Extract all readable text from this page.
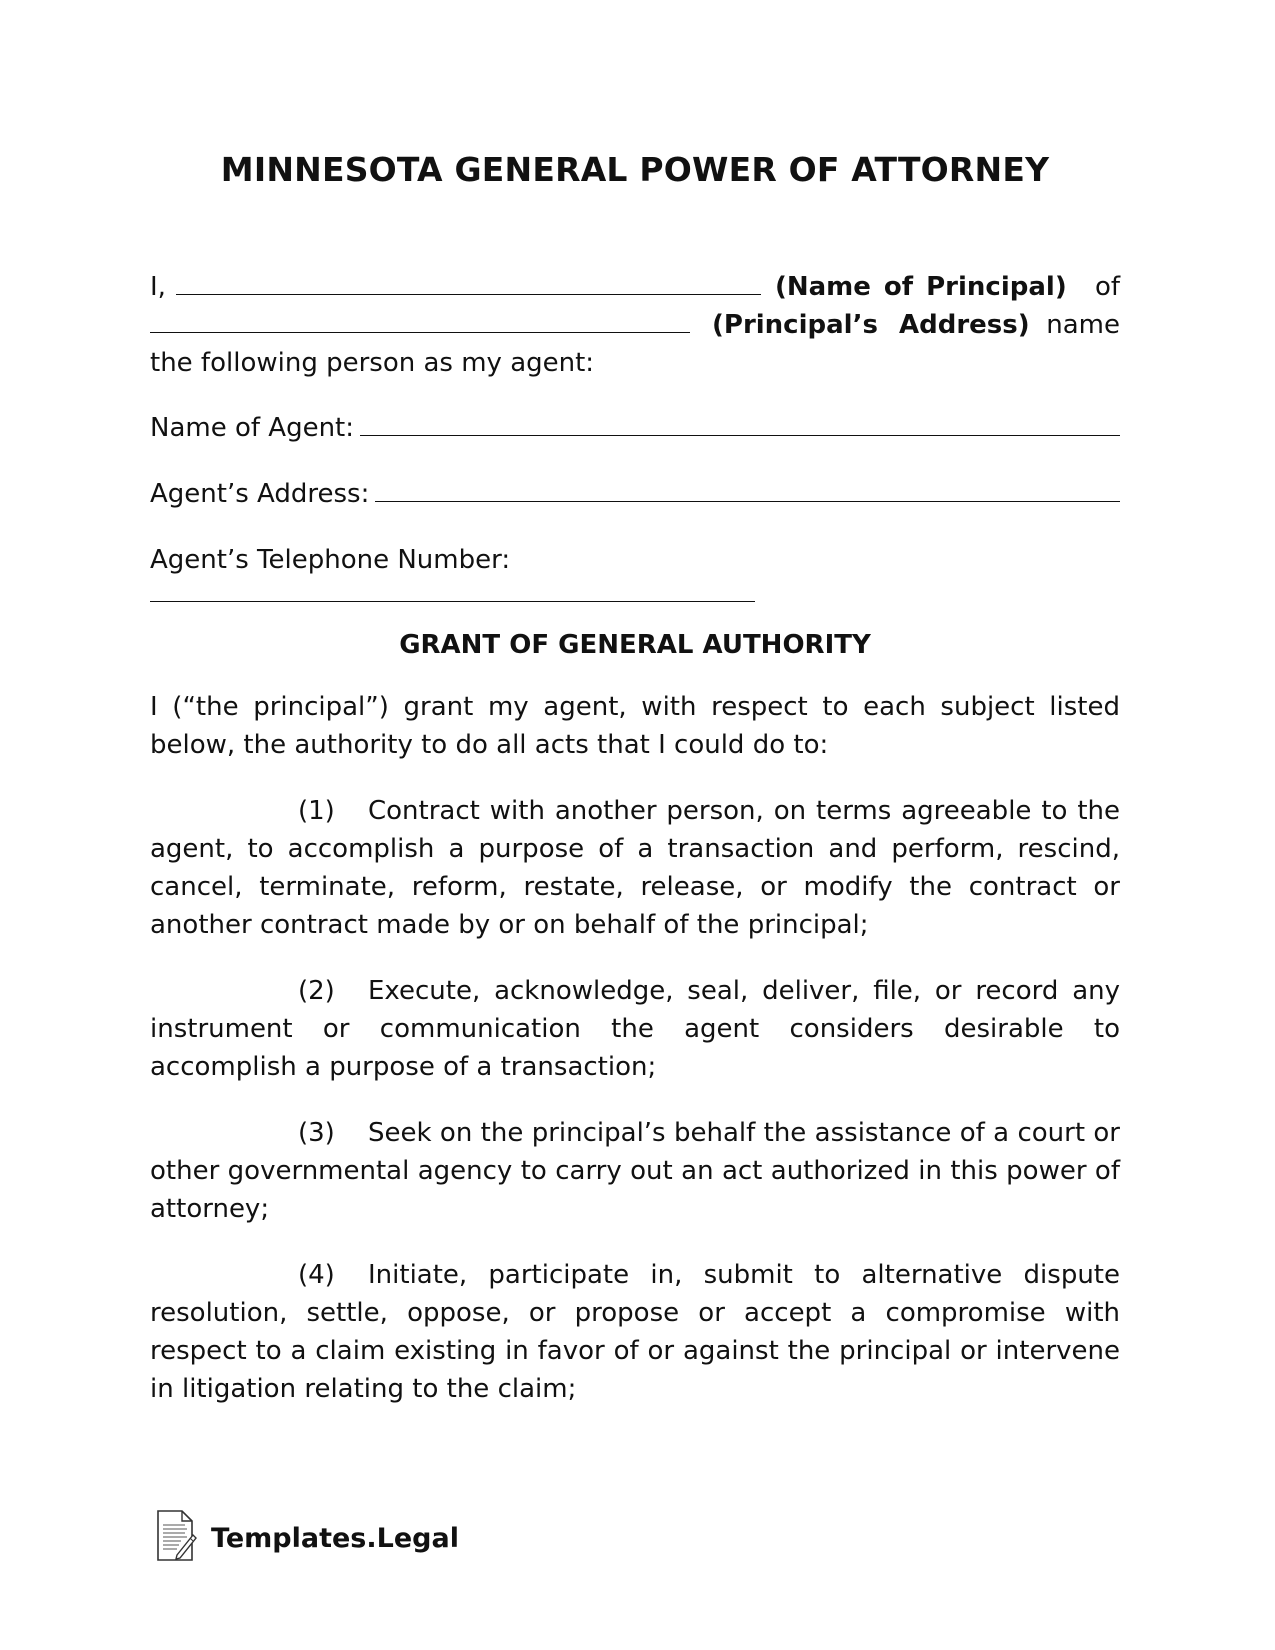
MINNESOTA GENERAL POWER OF ATTORNEY
I,	(Name of Principal) of
(Principal’s Address) name

the following person as my agent:

Name of Agent:
Agent’s Address:
Agent’s Telephone Number:
GRANT OF GENERAL AUTHORITY

I (“the principal”) grant my agent, with respect to each subject listed below, the authority to do all acts that I could do to:

(1) Contract with another person, on terms agreeable to the

agent, to accomplish a purpose of a transaction and perform, rescind, cancel, terminate, reform, restate, release, or modify the contract or another contract made by or on behalf of the principal;

(2) Execute, acknowledge, seal, deliver, file, or record any

instrument or communication the agent considers desirable to accomplish a purpose of a transaction;

(3) Seek on the principal’s behalf the assistance of a court or

other governmental agency to carry out an act authorized in this power of attorney;

(4) Initiate, participate in, submit to alternative dispute

resolution, settle, oppose, or propose or accept a compromise with respect to a claim existing in favor of or against the principal or intervene in litigation relating to the claim;

Templates.Legal
